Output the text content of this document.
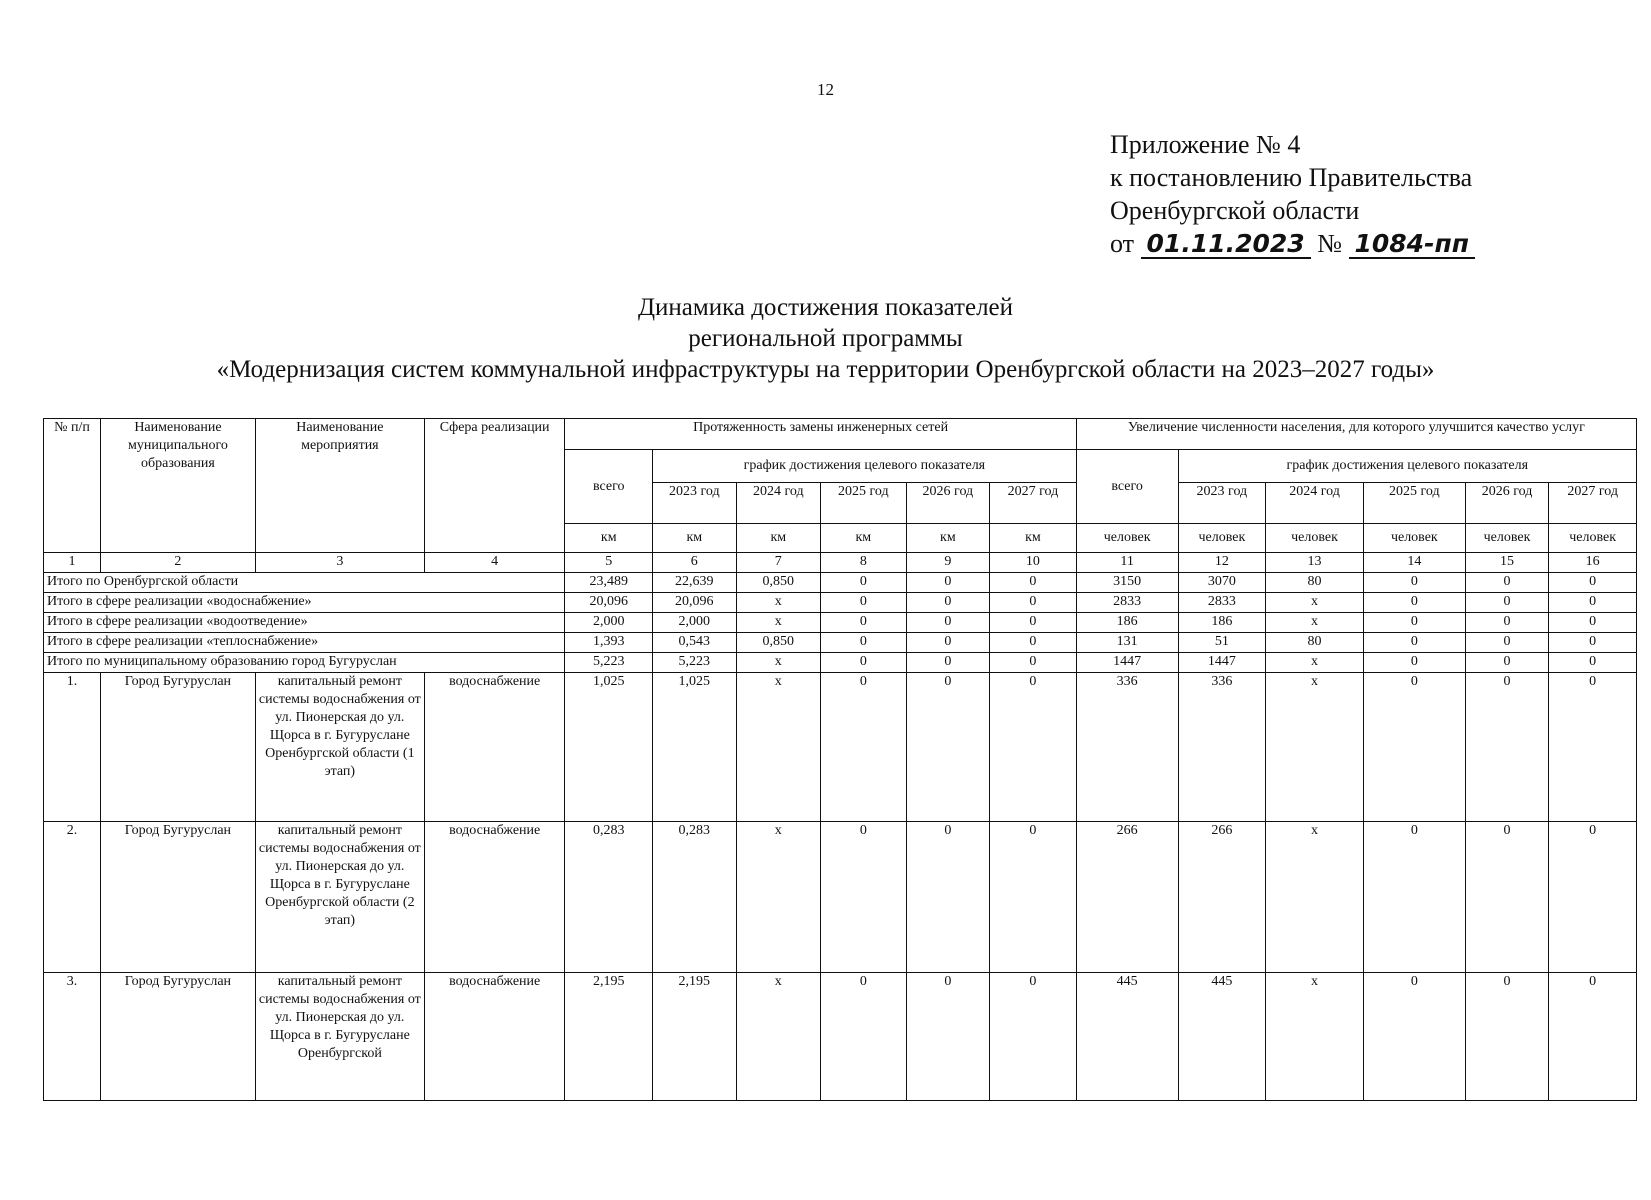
12
Приложение № 4
к постановлению Правительства
Оренбургской области
от 01.11.2023 № 1084-пп
Динамика достижения показателей
региональной программы
«Модернизация систем коммунальной инфраструктуры на территории Оренбургской области на 2023–2027 годы»
№ п/п	Наименование муниципального образования	Наименование мероприятия	Сфера реализации	Протяженность замены инженерных сетей						Увеличение численности населения, для которого улучшится качество услуг					
				всего	график достижения целевого показателя					всего	график достижения целевого показателя				
					2023 год	2024 год	2025 год	2026 год	2027 год		2023 год	2024 год	2025 год	2026 год	2027 год
				км	км	км	км	км	км	человек	человек	человек	человек	человек	человек
1	2	3	4	5	6	7	8	9	10	11	12	13	14	15	16
Итого по Оренбургской области				23,489	22,639	0,850	0	0	0	3150	3070	80	0	0	0
Итого в сфере реализации «водоснабжение»				20,096	20,096	х	0	0	0	2833	2833	х	0	0	0
Итого в сфере реализации «водоотведение»				2,000	2,000	х	0	0	0	186	186	х	0	0	0
Итого в сфере реализации «теплоснабжение»				1,393	0,543	0,850	0	0	0	131	51	80	0	0	0
Итого по муниципальному образованию город Бугуруслан				5,223	5,223	х	0	0	0	1447	1447	х	0	0	0
1.	Город Бугуруслан	капитальный ремонт системы водоснабжения от ул. Пионерская до ул. Щорса в г. Бугуруслане Оренбургской области (1 этап)	водоснабжение	1,025	1,025	х	0	0	0	336	336	х	0	0	0
2.	Город Бугуруслан	капитальный ремонт системы водоснабжения от ул. Пионерская до ул. Щорса в г. Бугуруслане Оренбургской области (2 этап)	водоснабжение	0,283	0,283	х	0	0	0	266	266	х	0	0	0
3.	Город Бугуруслан	капитальный ремонт системы водоснабжения от ул. Пионерская до ул. Щорса в г. Бугуруслане Оренбургской	водоснабжение	2,195	2,195	х	0	0	0	445	445	х	0	0	0
